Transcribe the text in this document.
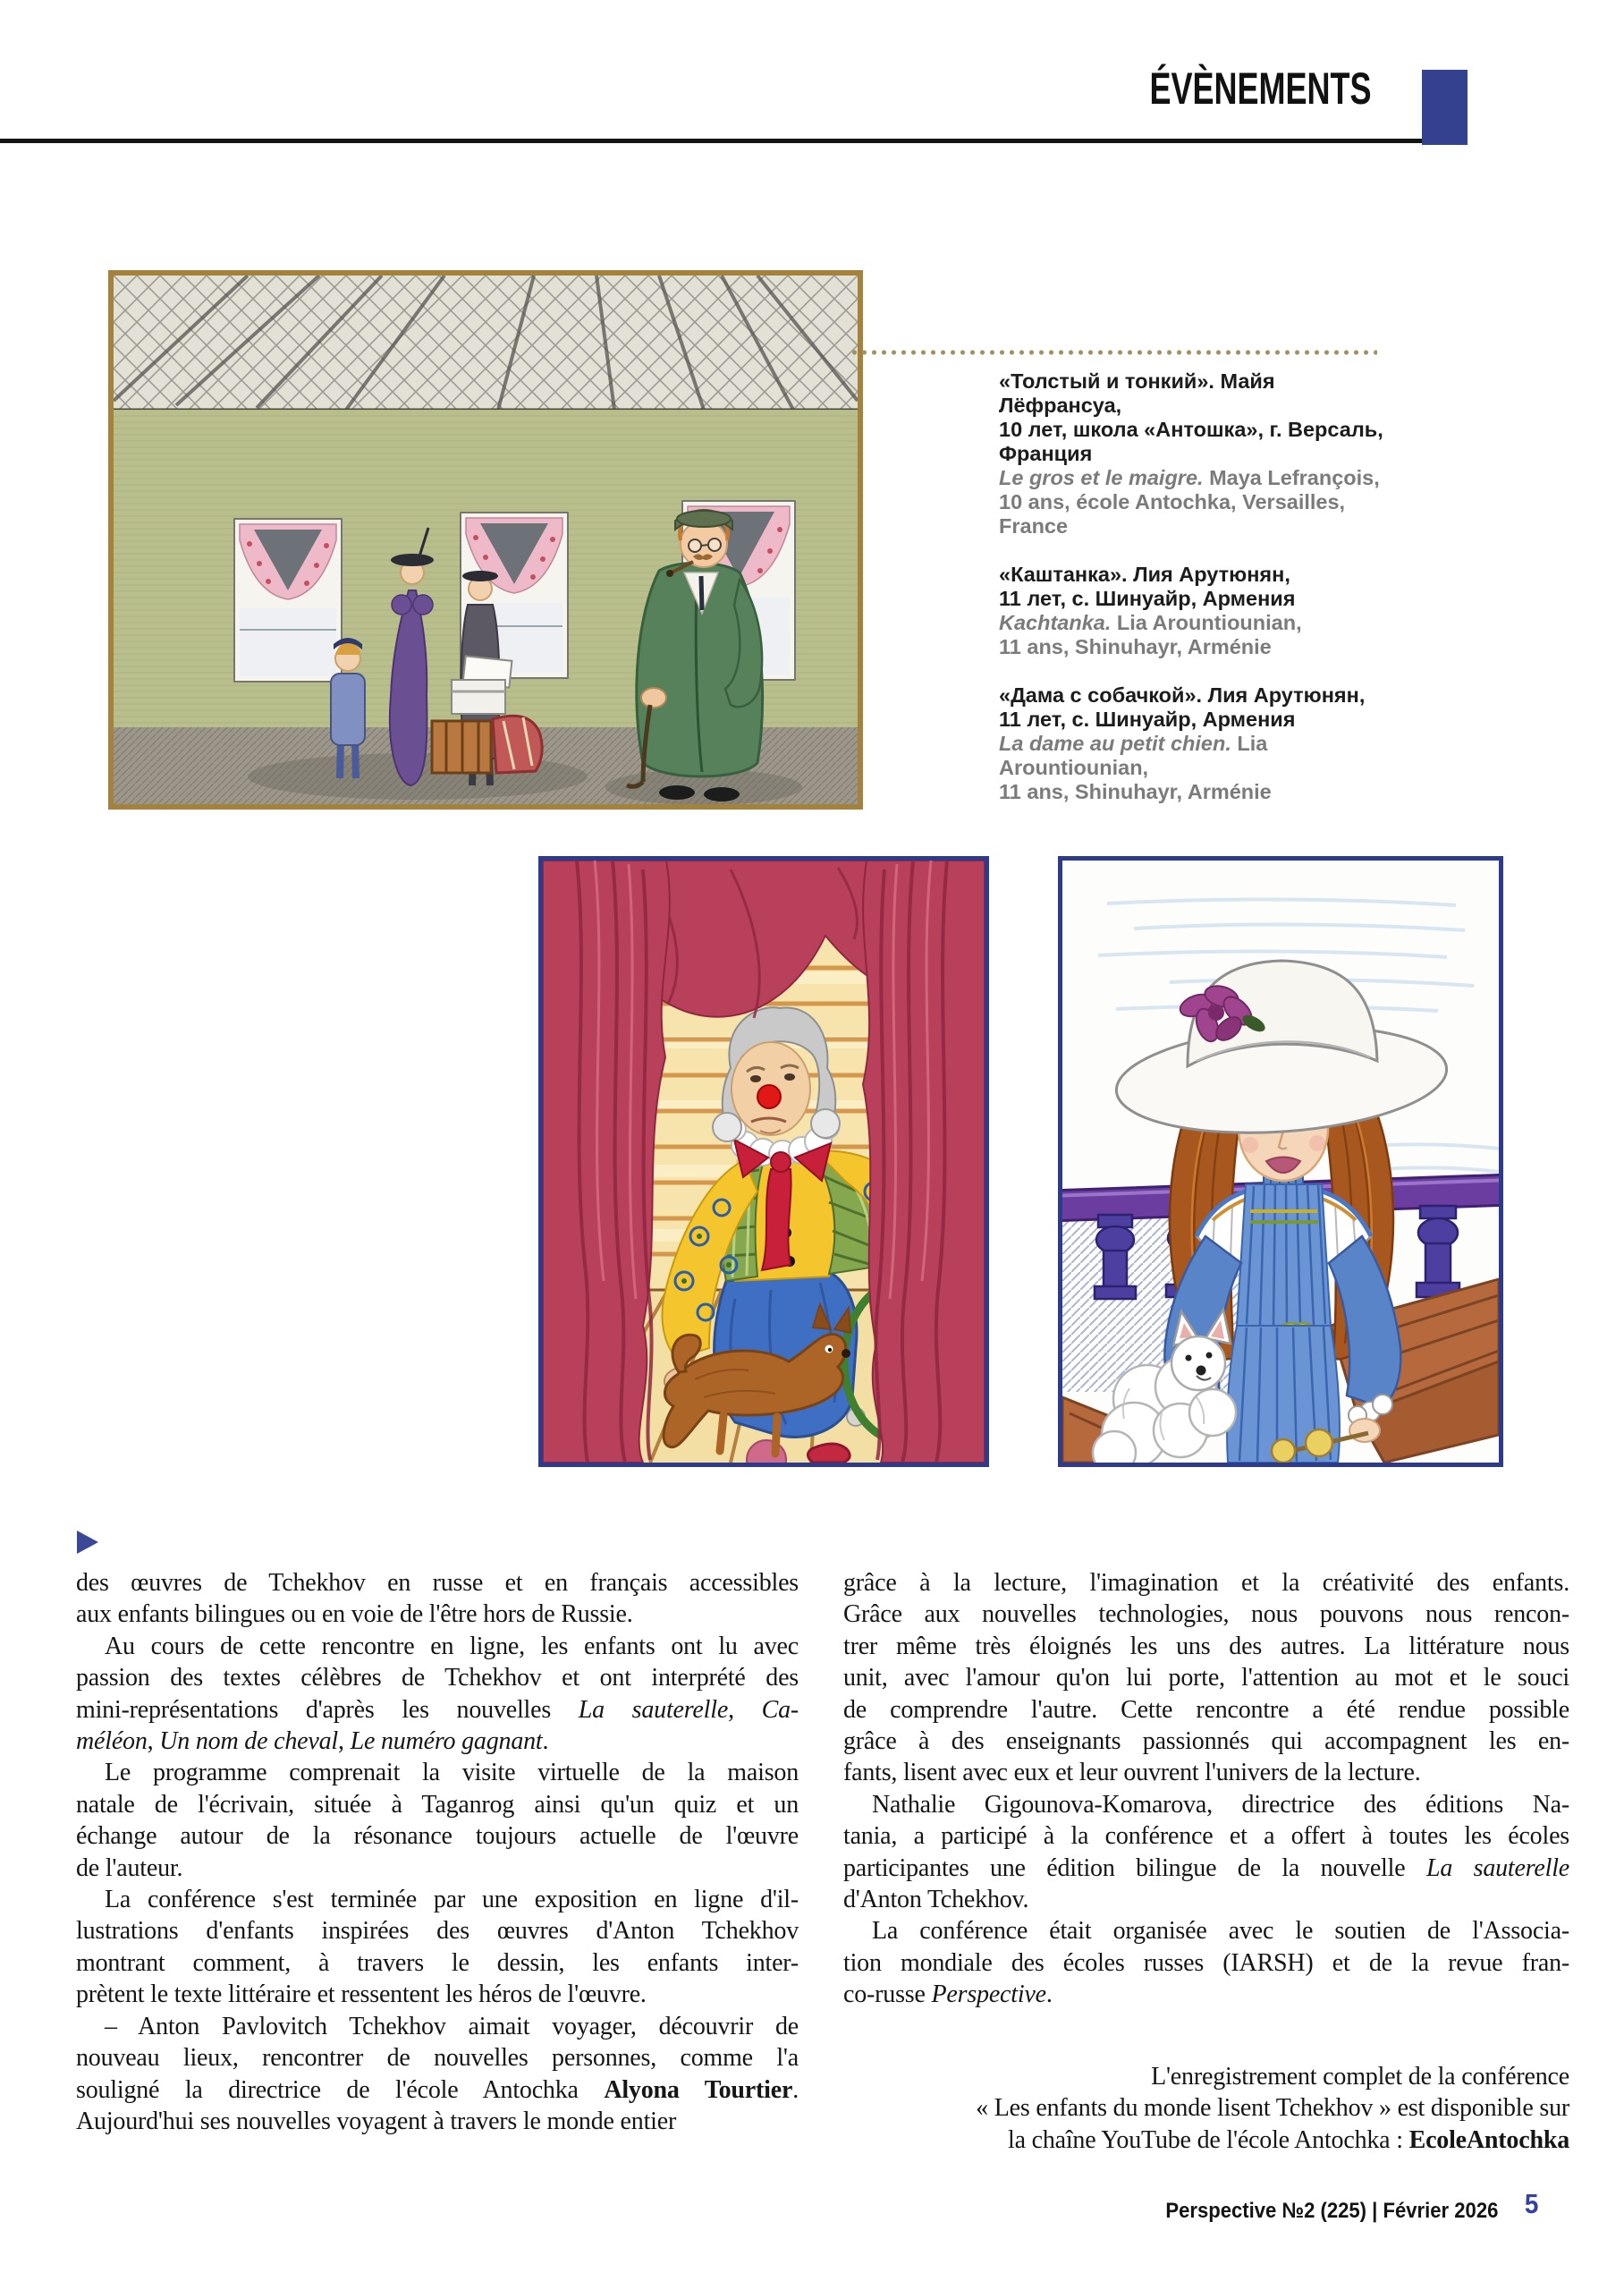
ÉVÈNEMENTS
«Толстый и тонкий». Майя Лёфрансуа,
10 лет, школа «Антошка», г. Версаль,
Франция
Le gros et le maigre. Maya Lefrançois,
10 ans, école Antochka, Versailles, France
«Каштанка». Лия Арутюнян,
11 лет, с. Шинуайр, Армения
Kachtanka. Lia Arountiounian,
11 ans, Shinuhayr, Arménie
«Дама с собачкой». Лия Арутюнян,
11 лет, с. Шинуайр, Армения
La dame au petit chien. Lia Arountiounian,
11 ans, Shinuhayr, Arménie
des œuvres de Tchekhov en russe et en français accessibles
aux enfants bilingues ou en voie de l'être hors de Russie.
Au cours de cette rencontre en ligne, les enfants ont lu avec
passion des textes célèbres de Tchekhov et ont interprété des
mini-représentations d'après les nouvelles La sauterelle, Ca-
méléon, Un nom de cheval, Le numéro gagnant.
Le programme comprenait la visite virtuelle de la maison
natale de l'écrivain, située à Taganrog ainsi qu'un quiz et un
échange autour de la résonance toujours actuelle de l'œuvre
de l'auteur.
La conférence s'est terminée par une exposition en ligne d'il-
lustrations d'enfants inspirées des œuvres d'Anton Tchekhov
montrant comment, à travers le dessin, les enfants inter-
prètent le texte littéraire et ressentent les héros de l'œuvre.
– Anton Pavlovitch Tchekhov aimait voyager, découvrir de
nouveau lieux, rencontrer de nouvelles personnes, comme l'a
souligné la directrice de l'école Antochka Alyona Tourtier.
Aujourd'hui ses nouvelles voyagent à travers le monde entier
grâce à la lecture, l'imagination et la créativité des enfants.
Grâce aux nouvelles technologies, nous pouvons nous rencon-
trer même très éloignés les uns des autres. La littérature nous
unit, avec l'amour qu'on lui porte, l'attention au mot et le souci
de comprendre l'autre. Cette rencontre a été rendue possible
grâce à des enseignants passionnés qui accompagnent les en-
fants, lisent avec eux et leur ouvrent l'univers de la lecture.
Nathalie Gigounova-Komarova, directrice des éditions Na-
tania, a participé à la conférence et a offert à toutes les écoles
participantes une édition bilingue de la nouvelle La sauterelle
d'Anton Tchekhov.
La conférence était organisée avec le soutien de l'Associa-
tion mondiale des écoles russes (IARSH) et de la revue fran-
co-russe Perspective.
L'enregistrement complet de la conférence
« Les enfants du monde lisent Tchekhov » est disponible sur
la chaîne YouTube de l'école Antochka : EcoleAntochka
Perspective №2 (225) | Février 2026 5
